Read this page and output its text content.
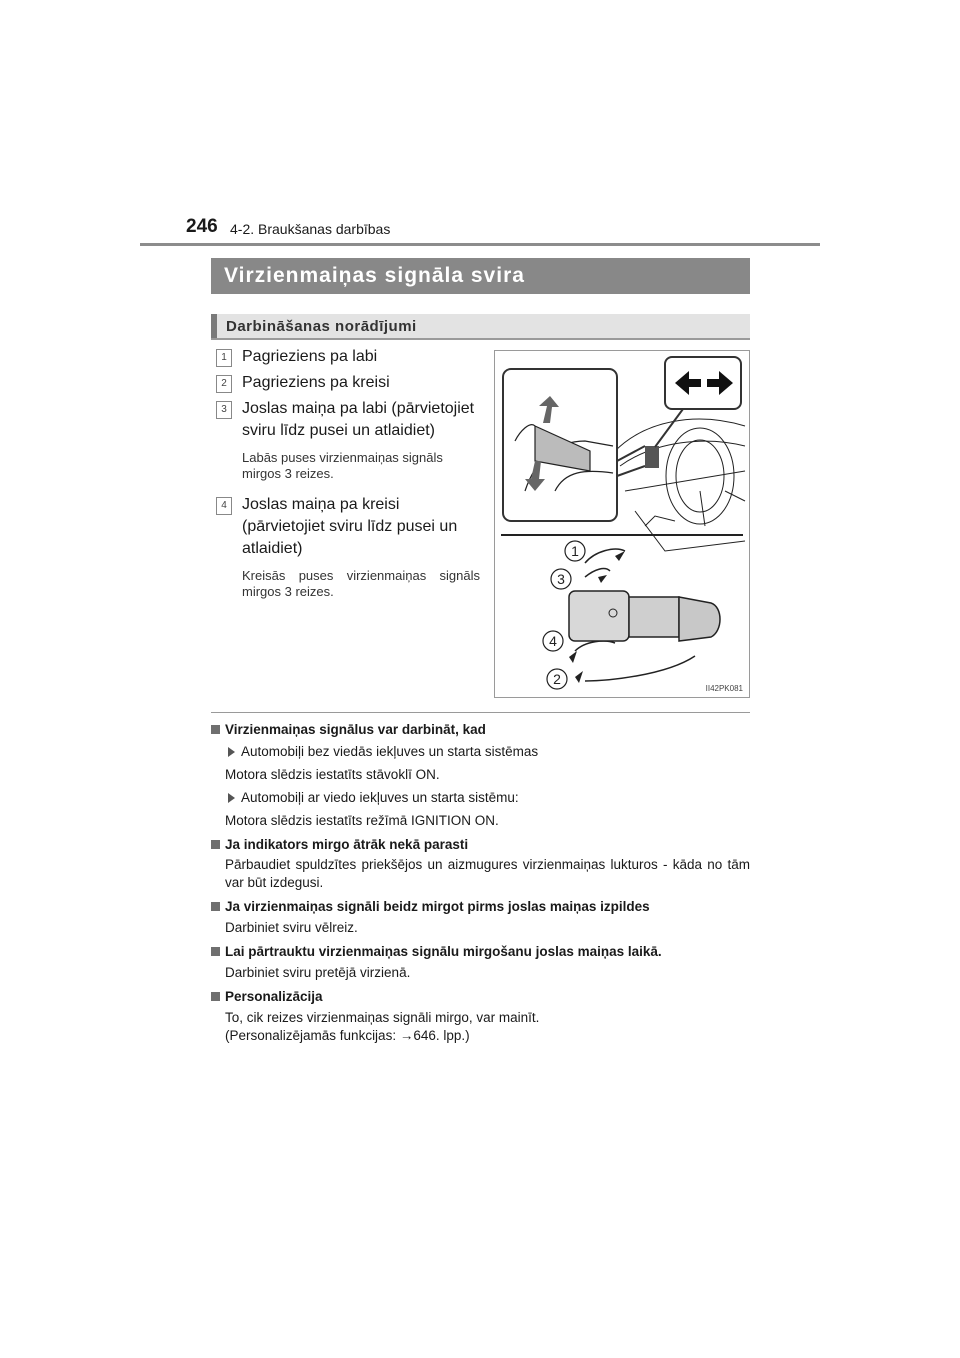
246 4-2. Braukšanas darbības
Virzienmaiņas signāla svira
Darbināšanas norādījumi
1 Pagrieziens pa labi
2 Pagrieziens pa kreisi
3 Joslas maiņa pa labi (pārvietojiet sviru līdz pusei un atlaidiet)
Labās puses virzienmaiņas signāls mirgos 3 reizes.
4 Joslas maiņa pa kreisi (pārvietojiet sviru līdz pusei un atlaidiet)
Kreisās puses virzienmaiņas signāls mirgos 3 reizes.
1
3
4
2
II42PK081
Virzienmaiņas signālus var darbināt, kad
Automobiļi bez viedās iekļuves un starta sistēmas
Motora slēdzis iestatīts stāvoklī ON.
Automobiļi ar viedo iekļuves un starta sistēmu:
Motora slēdzis iestatīts režīmā IGNITION ON.
Ja indikators mirgo ātrāk nekā parasti
Pārbaudiet spuldzītes priekšējos un aizmugures virzienmaiņas lukturos - kāda no tām var būt izdegusi.
Ja virzienmaiņas signāli beidz mirgot pirms joslas maiņas izpildes
Darbiniet sviru vēlreiz.
Lai pārtrauktu virzienmaiņas signālu mirgošanu joslas maiņas laikā.
Darbiniet sviru pretējā virzienā.
Personalizācija
To, cik reizes virzienmaiņas signāli mirgo, var mainīt.
(Personalizējamās funkcijas: →646. lpp.)
